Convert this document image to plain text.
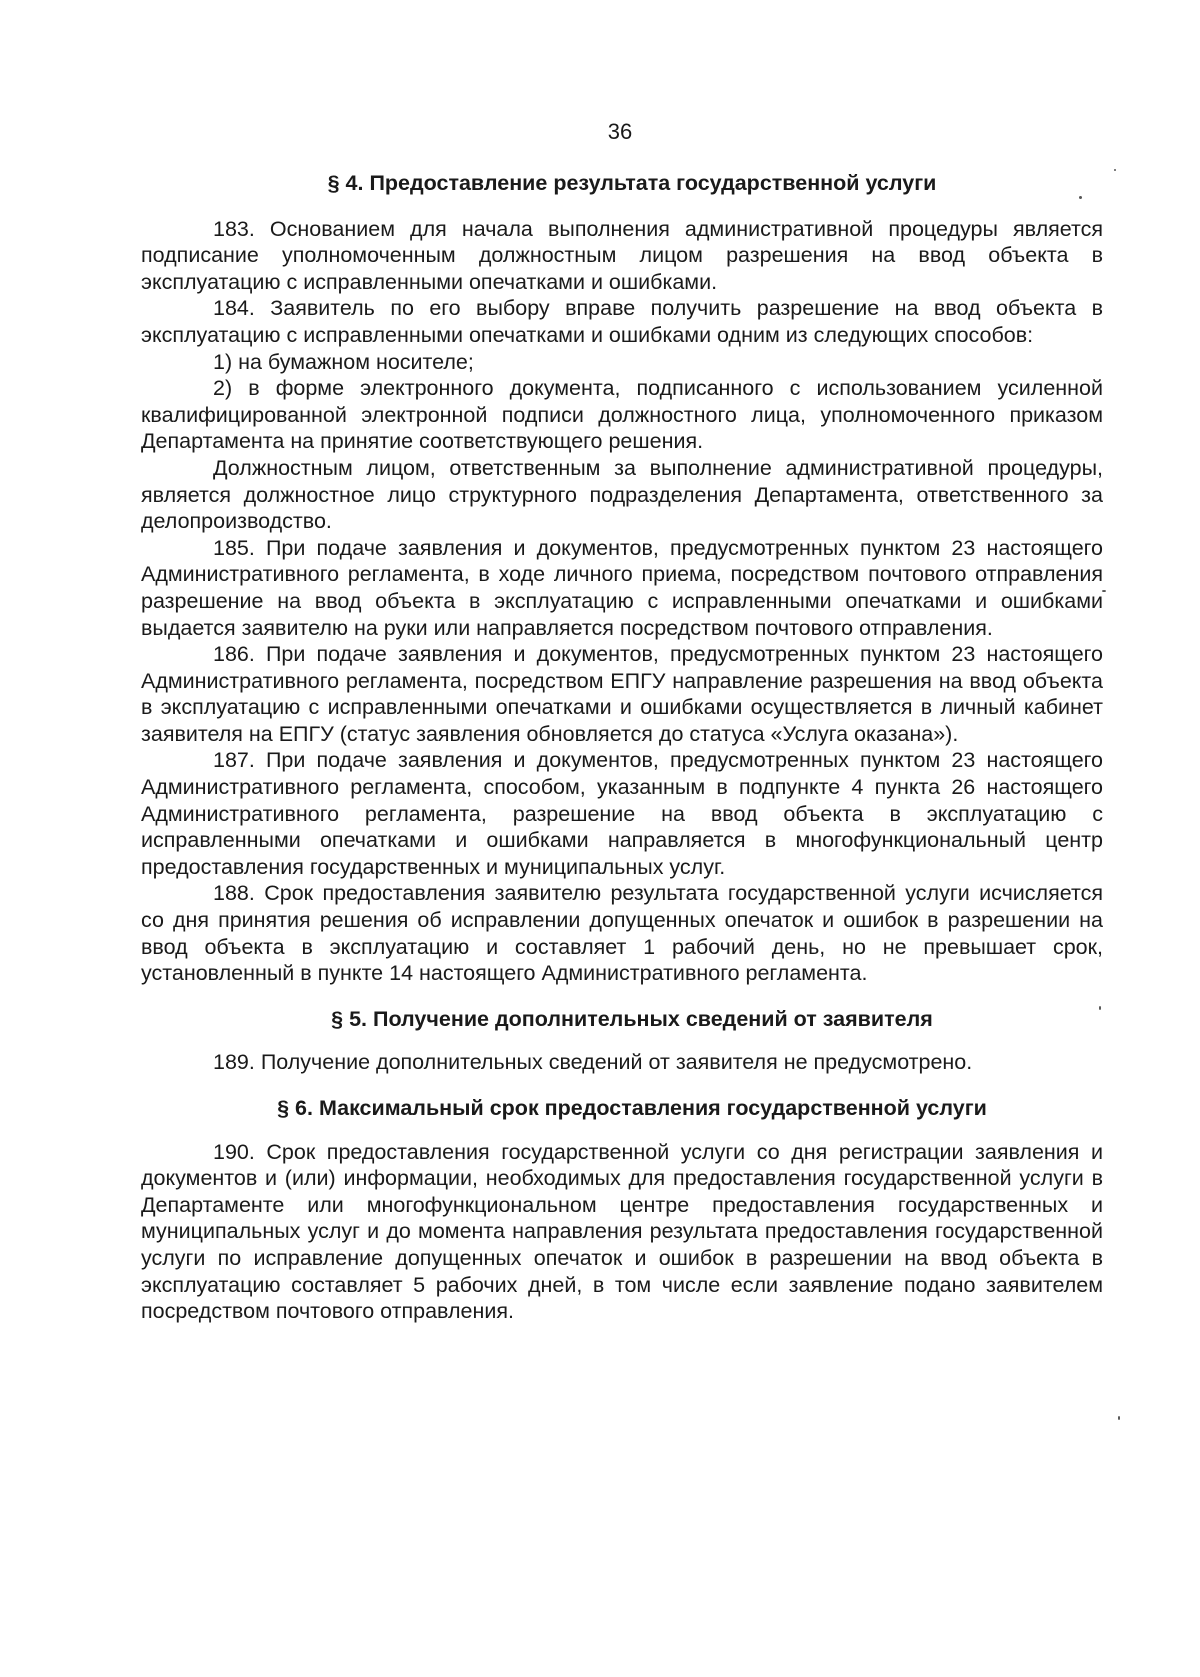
36
§ 4. Предоставление результата государственной услуги

183. Основанием для начала выполнения административной процедуры является подписание уполномоченным должностным лицом разрешения на ввод объекта в эксплуатацию с исправленными опечатками и ошибками.

184. Заявитель по его выбору вправе получить разрешение на ввод объекта в эксплуатацию с исправленными опечатками и ошибками одним из следующих способов:

1) на бумажном носителе;

2) в форме электронного документа, подписанного с использованием усиленной квалифицированной электронной подписи должностного лица, уполномоченного приказом Департамента на принятие соответствующего решения.

Должностным лицом, ответственным за выполнение административной процедуры, является должностное лицо структурного подразделения Департамента, ответственного за делопроизводство.

185. При подаче заявления и документов, предусмотренных пунктом 23 настоящего Административного регламента, в ходе личного приема, посредством почтового отправления разрешение на ввод объекта в эксплуатацию с исправленными опечатками и ошибками выдается заявителю на руки или направляется посредством почтового отправления.

186. При подаче заявления и документов, предусмотренных пунктом 23 настоящего Административного регламента, посредством ЕПГУ направление разрешения на ввод объекта в эксплуатацию с исправленными опечатками и ошибками осуществляется в личный кабинет заявителя на ЕПГУ (статус заявления обновляется до статуса «Услуга оказана»).

187. При подаче заявления и документов, предусмотренных пунктом 23 настоящего Административного регламента, способом, указанным в подпункте 4 пункта 26 настоящего Административного регламента, разрешение на ввод объекта в эксплуатацию с исправленными опечатками и ошибками направляется в многофункциональный центр предоставления государственных и муниципальных услуг.

188. Срок предоставления заявителю результата государственной услуги исчисляется со дня принятия решения об исправлении допущенных опечаток и ошибок в разрешении на ввод объекта в эксплуатацию и составляет 1 рабочий день, но не превышает срок, установленный в пункте 14 настоящего Административного регламента.

§ 5. Получение дополнительных сведений от заявителя

189. Получение дополнительных сведений от заявителя не предусмотрено.

§ 6. Максимальный срок предоставления государственной услуги

190. Срок предоставления государственной услуги со дня регистрации заявления и документов и (или) информации, необходимых для предоставления государственной услуги в Департаменте или многофункциональном центре предоставления государственных и муниципальных услуг и до момента направления результата предоставления государственной услуги по исправление допущенных опечаток и ошибок в разрешении на ввод объекта в эксплуатацию составляет 5 рабочих дней, в том числе если заявление подано заявителем посредством почтового отправления.
